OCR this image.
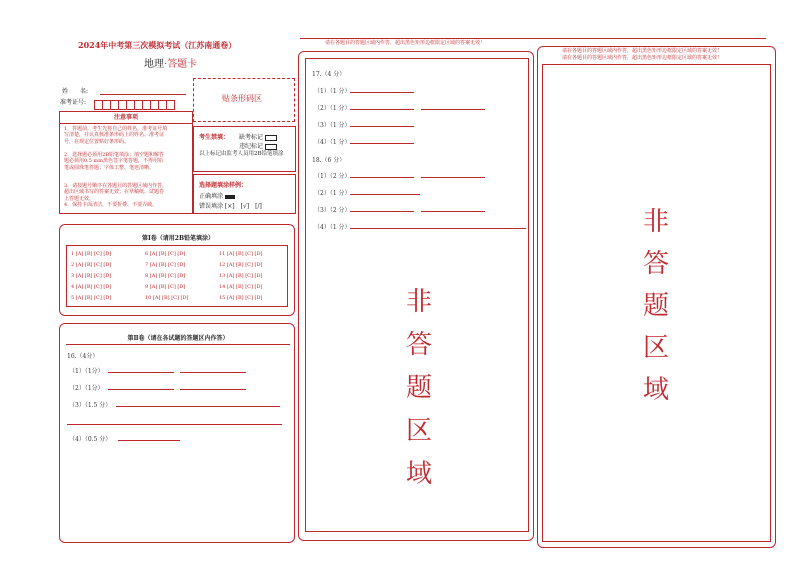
2024年中考第三次模拟考试（江苏南通卷）
地理·答题卡
姓　　名:
准考证号:	贴条形码区
注意事项
1．答题前，考生先将自己的姓名，准考证号填写清楚，并认真核准条形码上的姓名、准考证号，在规定位置贴好条形码。
2．选择题必须用2B铅笔填涂；填空题和解答题必须用0.5 mm黑色签字笔答题，不得用铅笔或圆珠笔答题；字体工整、笔迹清晰。
3．请按题号顺序在各题目的答题区域内作答，超出区域书写的答案无效；在草稿纸、试题卷上答题无效。
4．保持卡面清洁，不要折叠、不要弄破。
考生禁填： 缺考标记
违纪标记
以上标记由监考人员用2B铅笔填涂
选择题填涂样例：
正确填涂
错误填涂 [×]　[√]　[/]
第Ⅰ卷（请用2B铅笔填涂）
1 [A] [B] [C] [D]	6 [A] [B] [C] [D]	11 [A] [B] [C] [D]
2 [A] [B] [C] [D]	7 [A] [B] [C] [D]	12 [A] [B] [C] [D]
3 [A] [B] [C] [D]	8 [A] [B] [C] [D]	13 [A] [B] [C] [D]
4 [A] [B] [C] [D]	9 [A] [B] [C] [D]	14 [A] [B] [C] [D]
5 [A] [B] [C] [D]	10 [A] [B] [C] [D]	15 [A] [B] [C] [D]
第Ⅱ卷（请在各试题的答题区内作答）
16.（4分）
（1）（1分）
（2）（1分）
（3）（1.5 分）
（4）（0.5 分）
请在各题目的答题区域内作答，超出黑色矩形边框限定区域的答案无效！
17.（4 分）
（1）（1 分）
（2）（1 分）
（3）（1 分）
（4）（1 分）
18.（6 分）
（1）（2 分）
（2）（1 分）
（3）（2 分）
（4）（1 分）
非
答
题
区
域
请在各题目的答题区域内作答，超出黑色矩形边框限定区域的答案无效！
请在各题目的答题区域内作答，超出黑色矩形边框限定区域的答案无效！
非
答
题
区
域
